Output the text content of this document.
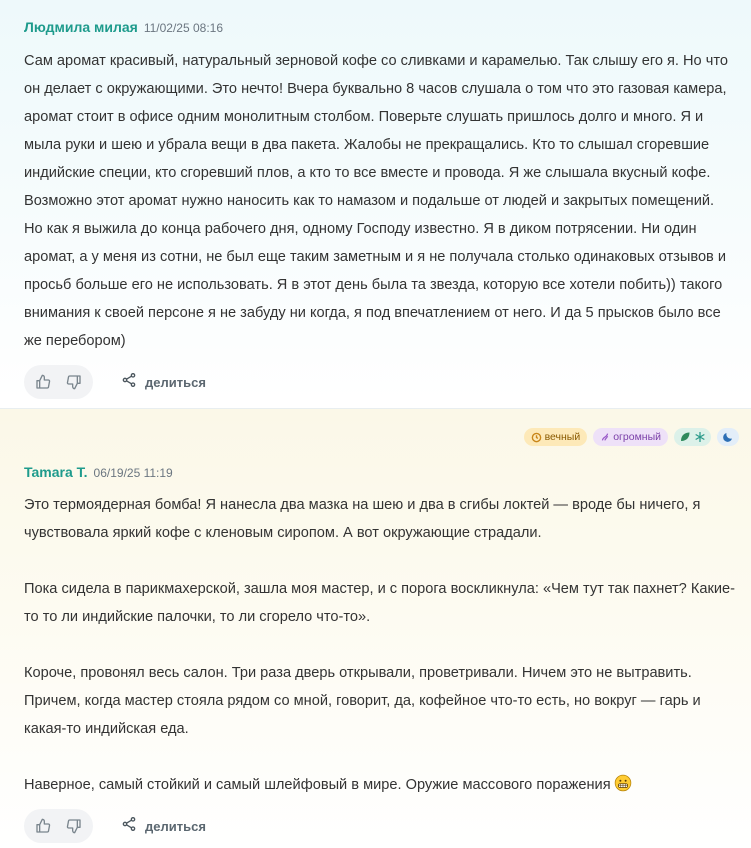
Людмила милая 11/02/25 08:16
Сам аромат красивый, натуральный зерновой кофе со сливками и карамелью. Так слышу его я. Но что он делает с окружающими. Это нечто! Вчера буквально 8 часов слушала о том что это газовая камера, аромат стоит в офисе одним монолитным столбом. Поверьте слушать пришлось долго и много. Я и мыла руки и шею и убрала вещи в два пакета. Жалобы не прекращались. Кто то слышал сгоревшие индийские специи, кто сгоревший плов, а кто то все вместе и провода. Я же слышала вкусный кофе. Возможно этот аромат нужно наносить как то намазом и подальше от людей и закрытых помещений. Но как я выжила до конца рабочего дня, одному Господу известно. Я в диком потрясении. Ни один аромат, а у меня из сотни, не был еще таким заметным и я не получала столько одинаковых отзывов и просьб больше его не использовать. Я в этот день была та звезда, которую все хотели побить)) такого внимания к своей персоне я не забуду ни когда, я под впечатлением от него. И да 5 прысков было все же перебором)
делиться
вечный	огромный
Tamara T. 06/19/25 11:19
Это термоядерная бомба! Я нанесла два мазка на шею и два в сгибы локтей — вроде бы ничего, я чувствовала яркий кофе с кленовым сиропом. А вот окружающие страдали.

Пока сидела в парикмахерской, зашла моя мастер, и с порога воскликнула: «Чем тут так пахнет? Какие-то то ли индийские палочки, то ли сгорело что-то».

Короче, провонял весь салон. Три раза дверь открывали, проветривали. Ничем это не вытравить. Причем, когда мастер стояла рядом со мной, говорит, да, кофейное что-то есть, но вокруг — гарь и какая-то индийская еда.

Наверное, самый стойкий и самый шлейфовый в мире. Оружие массового поражения
делиться
